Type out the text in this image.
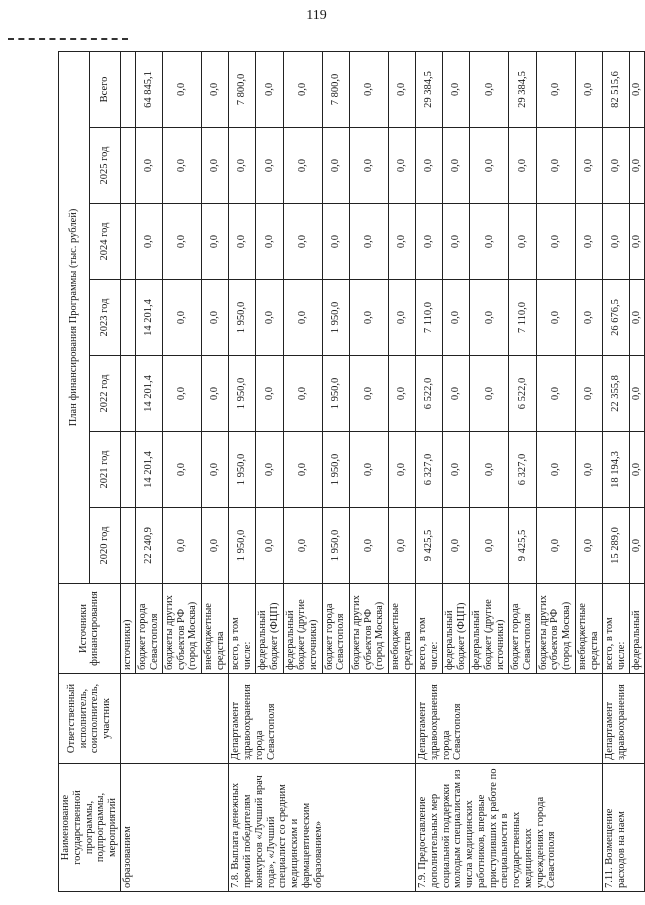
119
Наименование государственной программы, подпрограммы, мероприятий	Ответственный исполнитель, соисполнитель, участник	Источники финансирования	План финансирования Программы (тыс. рублей)						
			2020 год	2021 год	2022 год	2023 год	2024 год	2025 год	Всего
образованием		источники)							
		бюджет города Севастополя	22 240,9	14 201,4	14 201,4	14 201,4	0,0	0,0	64 845,1
		бюджеты других субъектов РФ (город Москва)	0,0	0,0	0,0	0,0	0,0	0,0	0,0
		внебюджетные средства	0,0	0,0	0,0	0,0	0,0	0,0	0,0
7.8. Выплата денежных премий победителям конкурсов «Лучший врач года», «Лучший специалист со средним медицинским и фармацевтическим образованием»	Департамент здравоохранения города Севастополя	всего, в том числе:	1 950,0	1 950,0	1 950,0	1 950,0	0,0	0,0	7 800,0
		федеральный бюджет (ФЦП)	0,0	0,0	0,0	0,0	0,0	0,0	0,0
		федеральный бюджет (другие источники)	0,0	0,0	0,0	0,0	0,0	0,0	0,0
		бюджет города Севастополя	1 950,0	1 950,0	1 950,0	1 950,0	0,0	0,0	7 800,0
		бюджеты других субъектов РФ (город Москва)	0,0	0,0	0,0	0,0	0,0	0,0	0,0
		внебюджетные средства	0,0	0,0	0,0	0,0	0,0	0,0	0,0
7.9. Предоставление дополнительных мер социальной поддержки молодым специалистам из числа медицинских работников, впервые приступивших к работе по специальности в государственных медицинских учреждениях города Севастополя	Департамент здравоохранения города Севастополя	всего, в том числе:	9 425,5	6 327,0	6 522,0	7 110,0	0,0	0,0	29 384,5
		федеральный бюджет (ФЦП)	0,0	0,0	0,0	0,0	0,0	0,0	0,0
		федеральный бюджет (другие источники)	0,0	0,0	0,0	0,0	0,0	0,0	0,0
		бюджет города Севастополя	9 425,5	6 327,0	6 522,0	7 110,0	0,0	0,0	29 384,5
		бюджеты других субъектов РФ (город Москва)	0,0	0,0	0,0	0,0	0,0	0,0	0,0
		внебюджетные средства	0,0	0,0	0,0	0,0	0,0	0,0	0,0
7.11. Возмещение расходов на наем	Департамент здравоохранения	всего, в том числе:	15 289,0	18 194,3	22 355,8	26 676,5	0,0	0,0	82 515,6
		федеральный	0,0	0,0	0,0	0,0	0,0	0,0	0,0
